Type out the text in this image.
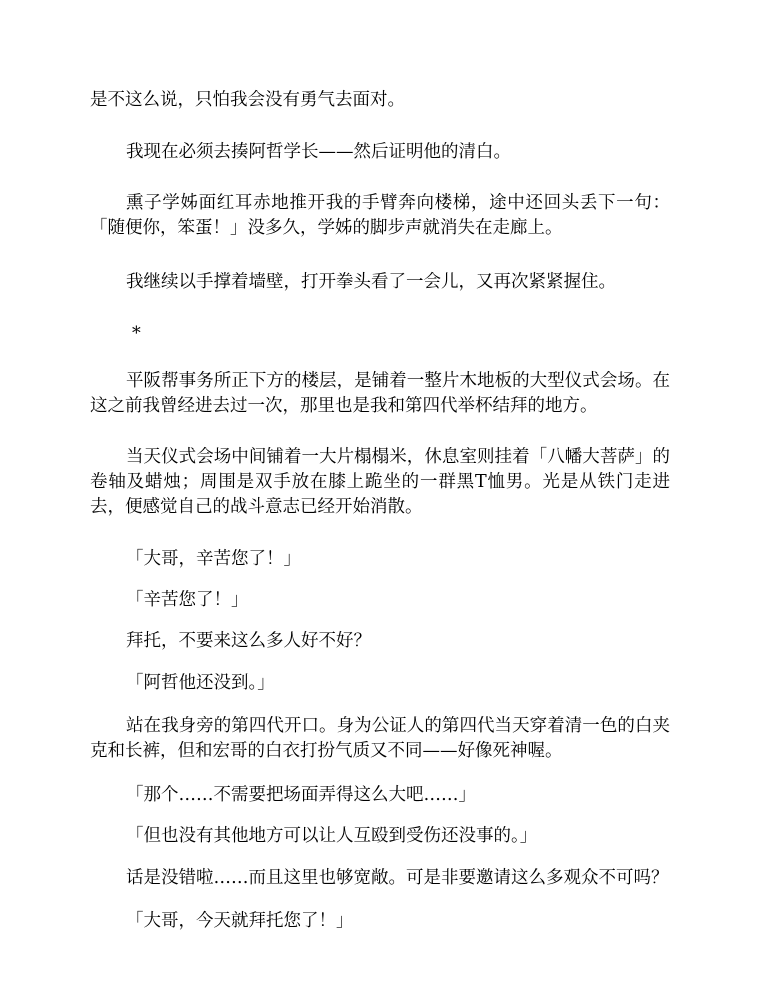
是不这么说，只怕我会没有勇气去面对。

我现在必须去揍阿哲学长——然后证明他的清白。

熏子学姊面红耳赤地推开我的手臂奔向楼梯，途中还回头丢下一句：「随便你，笨蛋！」没多久，学姊的脚步声就消失在走廊上。

我继续以手撑着墙壁，打开拳头看了一会儿，又再次紧紧握住。

*

平阪帮事务所正下方的楼层，是铺着一整片木地板的大型仪式会场。在这之前我曾经进去过一次，那里也是我和第四代举杯结拜的地方。

当天仪式会场中间铺着一大片榻榻米，休息室则挂着「八幡大菩萨」的卷轴及蜡烛；周围是双手放在膝上跪坐的一群黑T恤男。光是从铁门走进去，便感觉自己的战斗意志已经开始消散。

「大哥，辛苦您了！」

「辛苦您了！」

拜托，不要来这么多人好不好？

「阿哲他还没到。」

站在我身旁的第四代开口。身为公证人的第四代当天穿着清一色的白夹克和长裤，但和宏哥的白衣打扮气质又不同——好像死神喔。

「那个……不需要把场面弄得这么大吧……」

「但也没有其他地方可以让人互殴到受伤还没事的。」

话是没错啦……而且这里也够宽敞。可是非要邀请这么多观众不可吗？

「大哥，今天就拜托您了！」
